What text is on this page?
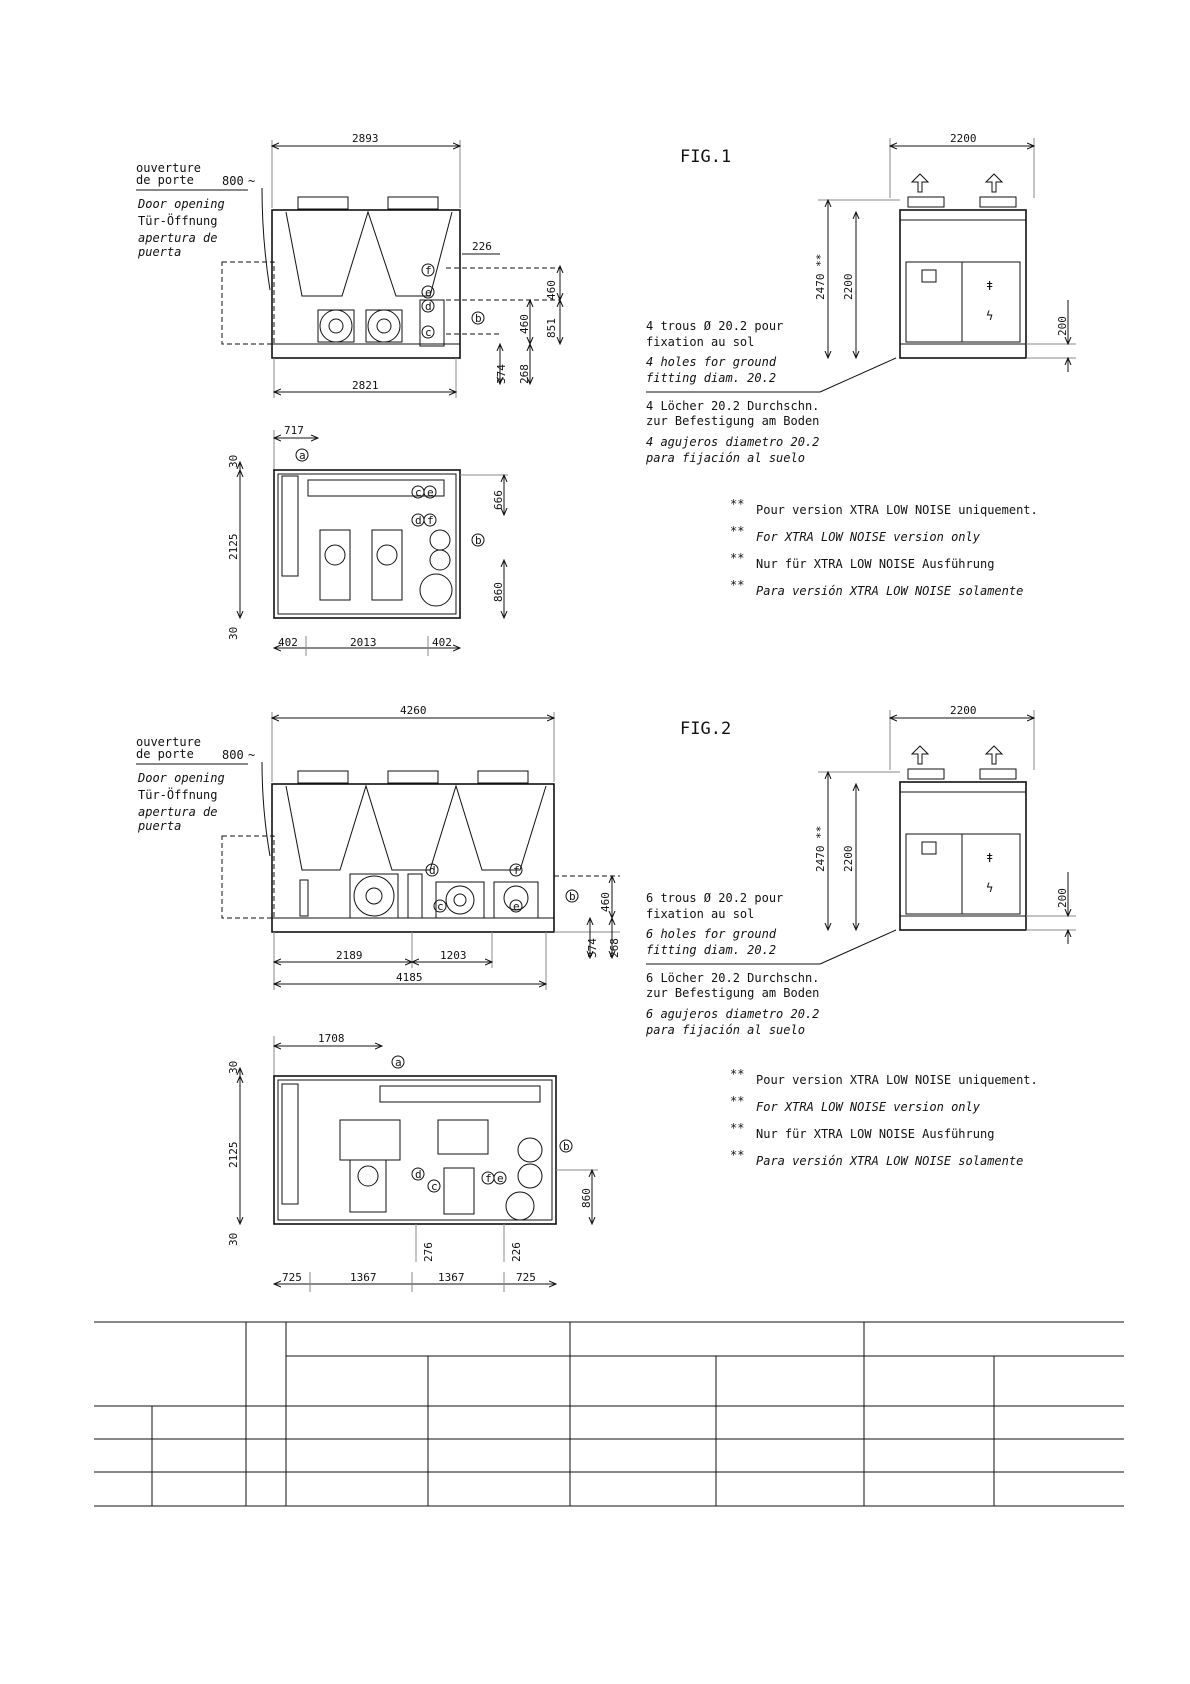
ouverture
de porte
Door opening
Tür-Öffnung
apertura de
puerta
800 ~
2893
f
e
d
c
b
226
460
460 851
374 268
2821
717
a
c e
d f
b
30
2125
30
666
860
402	2013	402
FIG.1
2200
ǂ
ϟ
2470 ** 2200
200
4 trous Ø 20.2 pour
fixation au sol
4 holes for ground
fitting diam. 20.2
4 Löcher 20.2 Durchschn.
zur Befestigung am Boden
4 agujeros diametro 20.2
para fijación al suelo
** Pour version XTRA LOW NOISE uniquement.
** For XTRA LOW NOISE version only
** Nur für XTRA LOW NOISE Ausführung
** Para versión XTRA LOW NOISE solamente
ouverture
de porte
Door opening
Tür-Öffnung
apertura de
puerta
800 ~
4260
d
c
f
e
b 460
374 268
2189	1203
4185
1708
a
d
c
f e
b
30
2125
30
860
276	226
725	1367	1367	725
FIG.2
2200
ǂ
ϟ
2470 ** 2200
200
6 trous Ø 20.2 pour
fixation au sol
6 holes for ground
fitting diam. 20.2
6 Löcher 20.2 Durchschn.
zur Befestigung am Boden
6 agujeros diametro 20.2
para fijación al suelo
** Pour version XTRA LOW NOISE uniquement.
** For XTRA LOW NOISE version only
** Nur für XTRA LOW NOISE Ausführung
** Para versión XTRA LOW NOISE solamente
